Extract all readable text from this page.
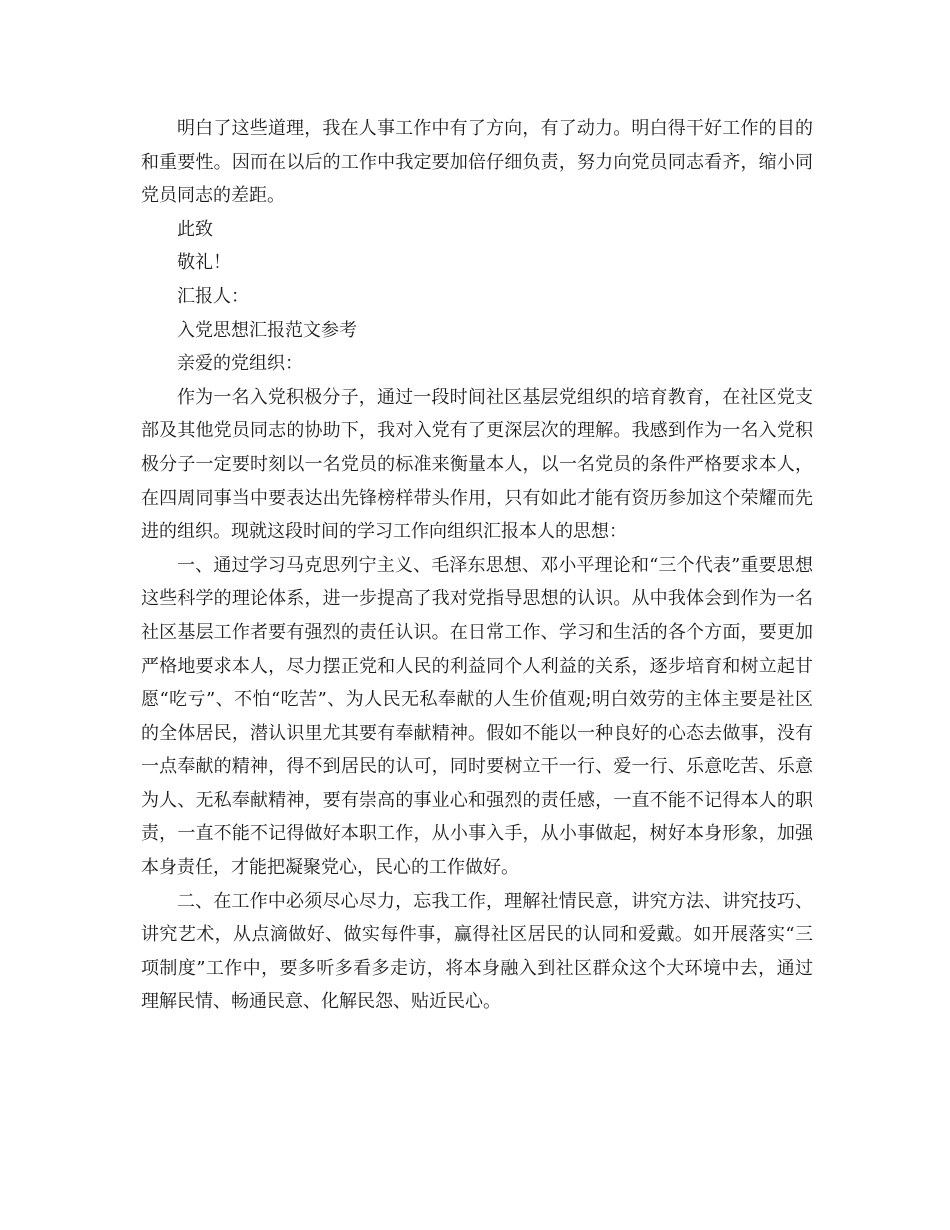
明白了这些道理，我在人事工作中有了方向，有了动力。明白得干好工作的目的和重要性。因而在以后的工作中我定要加倍仔细负责，努力向党员同志看齐，缩小同党员同志的差距。

此致

敬礼！

汇报人：

入党思想汇报范文参考

亲爱的党组织：

作为一名入党积极分子，通过一段时间社区基层党组织的培育教育，在社区党支部及其他党员同志的协助下，我对入党有了更深层次的理解。我感到作为一名入党积极分子一定要时刻以一名党员的标准来衡量本人，以一名党员的条件严格要求本人，在四周同事当中要表达出先锋榜样带头作用，只有如此才能有资历参加这个荣耀而先进的组织。现就这段时间的学习工作向组织汇报本人的思想：

一、通过学习马克思列宁主义、毛泽东思想、邓小平理论和“三个代表”重要思想这些科学的理论体系，进一步提高了我对党指导思想的认识。从中我体会到作为一名社区基层工作者要有强烈的责任认识。在日常工作、学习和生活的各个方面，要更加严格地要求本人，尽力摆正党和人民的利益同个人利益的关系，逐步培育和树立起甘愿“吃亏”、不怕“吃苦”、为人民无私奉献的人生价值观;明白效劳的主体主要是社区的全体居民，潜认识里尤其要有奉献精神。假如不能以一种良好的心态去做事，没有一点奉献的精神，得不到居民的认可，同时要树立干一行、爱一行、乐意吃苦、乐意为人、无私奉献精神，要有崇高的事业心和强烈的责任感，一直不能不记得本人的职责，一直不能不记得做好本职工作，从小事入手，从小事做起，树好本身形象，加强本身责任，才能把凝聚党心，民心的工作做好。

二、在工作中必须尽心尽力，忘我工作，理解社情民意，讲究方法、讲究技巧、讲究艺术，从点滴做好、做实每件事，赢得社区居民的认同和爱戴。如开展落实“三项制度”工作中，要多听多看多走访，将本身融入到社区群众这个大环境中去，通过理解民情、畅通民意、化解民怨、贴近民心。
